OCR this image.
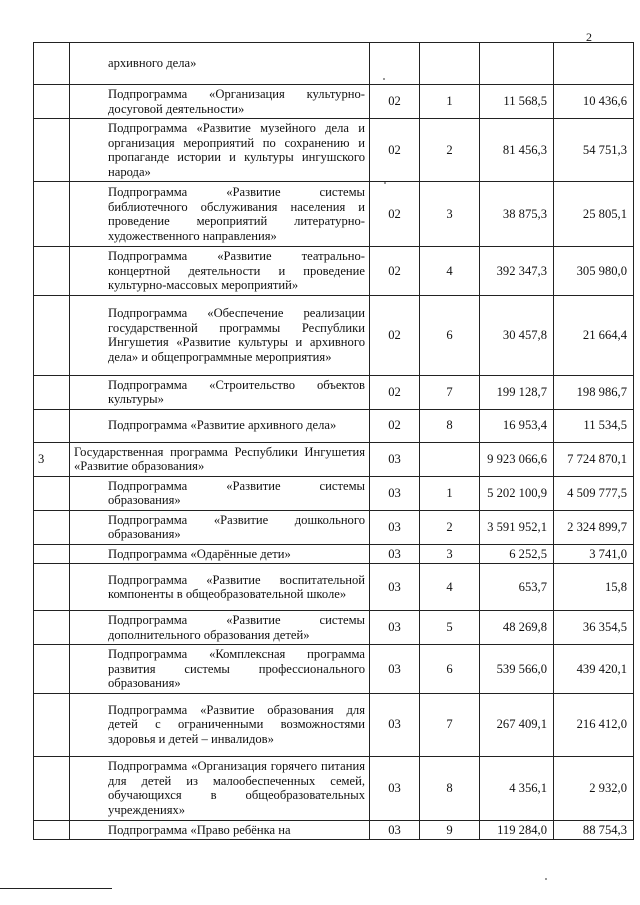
2
	архивного дела»				
	Подпрограмма «Организация культурно-досуговой деятельности»	02	1	11 568,5	10 436,6
	Подпрограмма «Развитие музейного дела и организация мероприятий по сохранению и пропаганде истории и культуры ингушского народа»	02	2	81 456,3	54 751,3
	Подпрограмма «Развитие системы библиотечного обслуживания населения и проведение мероприятий литературно-художественного направления»	02	3	38 875,3	25 805,1
	Подпрограмма «Развитие театрально-концертной деятельности и проведение культурно-массовых мероприятий»	02	4	392 347,3	305 980,0
	Подпрограмма «Обеспечение реализации государственной программы Республики Ингушетия «Развитие культуры и архивного дела» и общепрограммные мероприятия»	02	6	30 457,8	21 664,4
	Подпрограмма «Строительство объектов культуры»	02	7	199 128,7	198 986,7
	Подпрограмма «Развитие архивного дела»	02	8	16 953,4	11 534,5
3	Государственная программа Республики Ингушетия «Развитие образования»	03		9 923 066,6	7 724 870,1
	Подпрограмма «Развитие системы образования»	03	1	5 202 100,9	4 509 777,5
	Подпрограмма «Развитие дошкольного образования»	03	2	3 591 952,1	2 324 899,7
	Подпрограмма «Одарённые дети»	03	3	6 252,5	3 741,0
	Подпрограмма «Развитие воспитательной компоненты в общеобразовательной школе»	03	4	653,7	15,8
	Подпрограмма «Развитие системы дополнительного образования детей»	03	5	48 269,8	36 354,5
	Подпрограмма «Комплексная программа развития системы профессионального образования»	03	6	539 566,0	439 420,1
	Подпрограмма «Развитие образования для детей с ограниченными возможностями здоровья и детей – инвалидов»	03	7	267 409,1	216 412,0
	Подпрограмма «Организация горячего питания для детей из малообеспеченных семей, обучающихся в общеобразовательных учреждениях»	03	8	4 356,1	2 932,0
	Подпрограмма «Право ребёнка на	03	9	119 284,0	88 754,3
